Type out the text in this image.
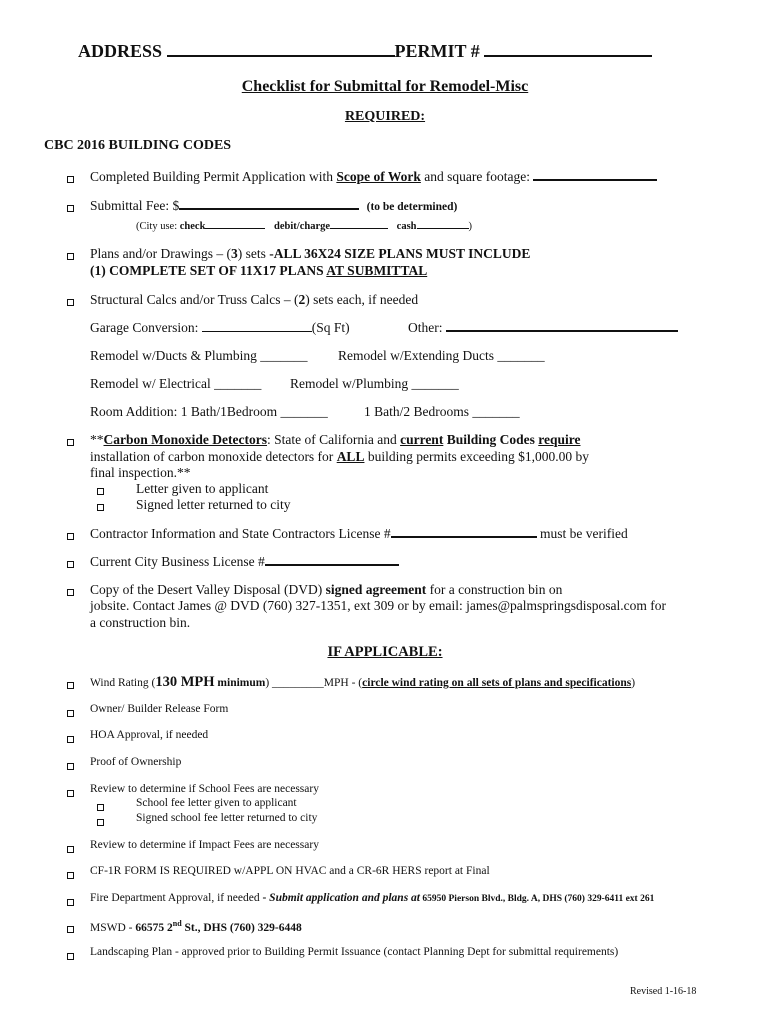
ADDRESS	PERMIT #
Checklist for Submittal for Remodel-Misc
REQUIRED:
CBC 2016 BUILDING CODES
Completed Building Permit Application with Scope of Work and square footage:
Submittal Fee: $	(to be determined)
(City use: check	debit/charge	cash	)
Plans and/or Drawings – (3) sets -ALL 36X24 SIZE PLANS MUST INCLUDE
(1) COMPLETE SET OF 11X17 PLANS AT SUBMITTAL
Structural Calcs and/or Truss Calcs – (2) sets each, if needed
Garage Conversion:	(Sq Ft)	Other:
Remodel w/Ducts & Plumbing _______ Remodel w/Extending Ducts _______
Remodel w/ Electrical _______ Remodel w/Plumbing _______
Room Addition: 1 Bath/1Bedroom _______	1 Bath/2 Bedrooms _______
**Carbon Monoxide Detectors: State of California and current Building Codes require
installation of carbon monoxide detectors for ALL building permits exceeding $1,000.00 by
final inspection.**
Letter given to applicant
Signed letter returned to city
Contractor Information and State Contractors License #	must be verified
Current City Business License #
Copy of the Desert Valley Disposal (DVD) signed agreement for a construction bin on
jobsite. Contact James @ DVD (760) 327-1351, ext 309 or by email: james@palmspringsdisposal.com for
a construction bin.
IF APPLICABLE:
Wind Rating (130 MPH minimum) _________MPH - (circle wind rating on all sets of plans and specifications)
Owner/ Builder Release Form
HOA Approval, if needed
Proof of Ownership
Review to determine if School Fees are necessary
School fee letter given to applicant
Signed school fee letter returned to city
Review to determine if Impact Fees are necessary
CF-1R FORM IS REQUIRED w/APPL ON HVAC and a CR-6R HERS report at Final
Fire Department Approval, if needed - Submit application and plans at 65950 Pierson Blvd., Bldg. A, DHS (760) 329-6411 ext 261
MSWD - 66575 2nd St., DHS (760) 329-6448
Landscaping Plan - approved prior to Building Permit Issuance (contact Planning Dept for submittal requirements)
Revised 1-16-18
